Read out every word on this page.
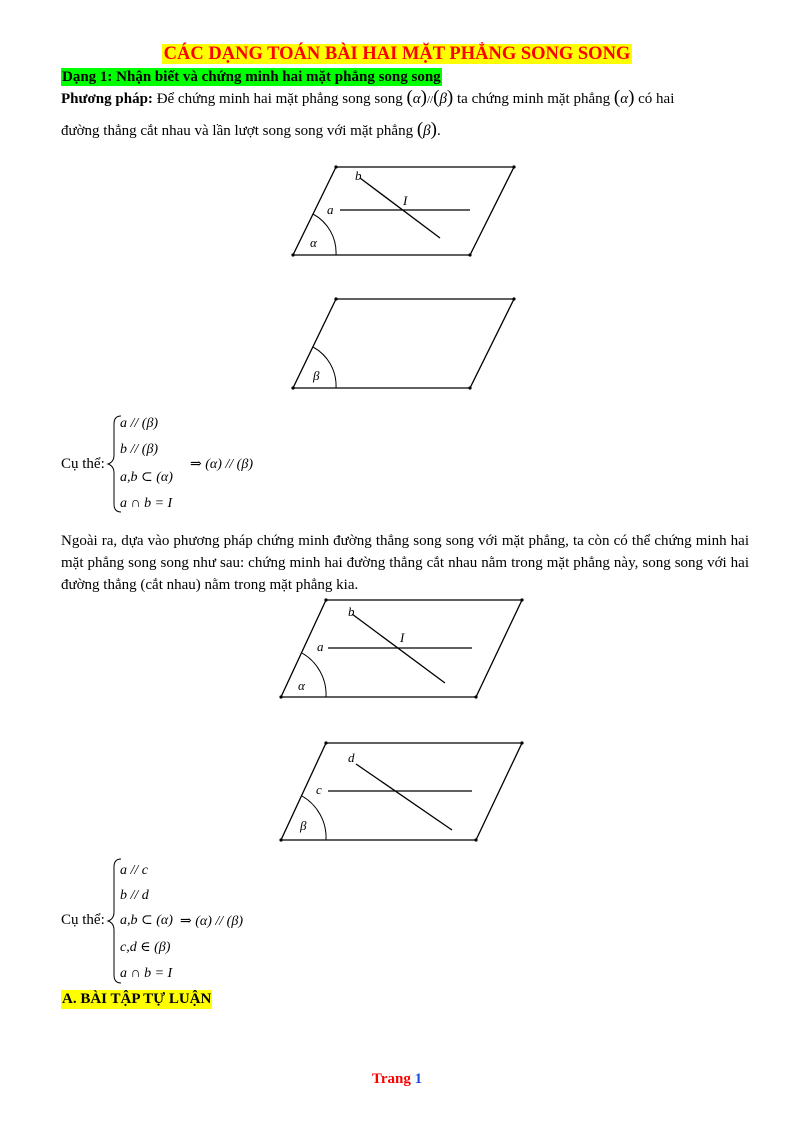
CÁC DẠNG TOÁN BÀI HAI MẶT PHẲNG SONG SONG
Dạng 1: Nhận biết và chứng minh hai mặt phẳng song song
Phương pháp: Để chứng minh hai mặt phẳng song song (α)//(β) ta chứng minh mặt phẳng (α) có hai
đường thẳng cắt nhau và lần lượt song song với mặt phẳng (β).
a
b
I
α
β
a
b
I
α
c
d
β
Cụ thể:
a // (β)
b // (β)
a,b ⊂ (α)
a ∩ b = I
⇒ (α) // (β)
Ngoài ra, dựa vào phương pháp chứng minh đường thẳng song song với mặt phẳng, ta còn có thể chứng minh hai mặt phẳng song song như sau: chứng minh hai đường thẳng cắt nhau nằm trong mặt phẳng này, song song với hai đường thẳng (cắt nhau) nằm trong mặt phẳng kia.
Cụ thể:
a // c
b // d
a,b ⊂ (α)
c,d ∈ (β)
a ∩ b = I
⇒ (α) // (β)
A. BÀI TẬP TỰ LUẬN
Trang 1
